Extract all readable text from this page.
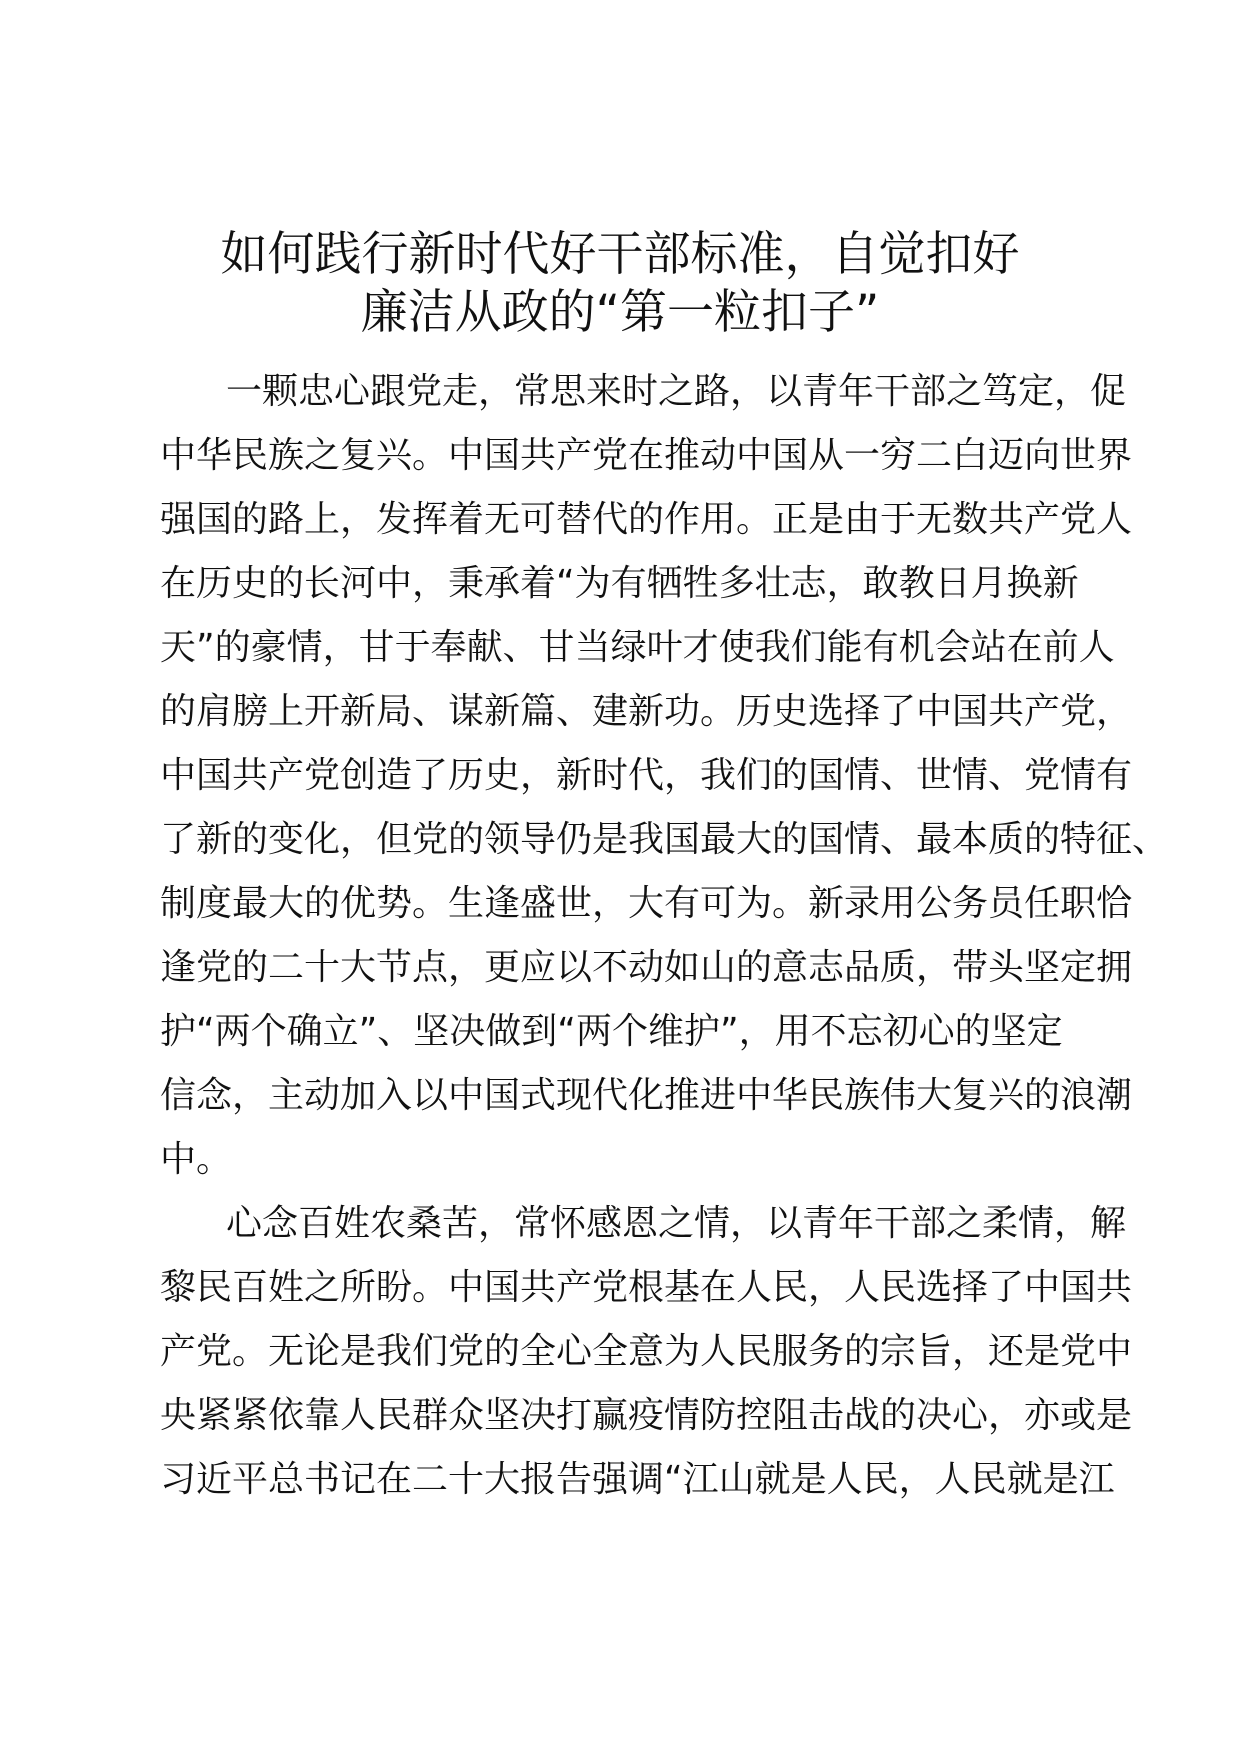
如何践行新时代好干部标准，自觉扣好
廉洁从政的“第一粒扣子”
一颗忠心跟党走，常思来时之路，以青年干部之笃定，促
中华民族之复兴。中国共产党在推动中国从一穷二白迈向世界
强国的路上，发挥着无可替代的作用。正是由于无数共产党人
在历史的长河中，秉承着“为有牺牲多壮志，敢教日月换新
天”的豪情，甘于奉献、甘当绿叶才使我们能有机会站在前人
的肩膀上开新局、谋新篇、建新功。历史选择了中国共产党，
中国共产党创造了历史，新时代，我们的国情、世情、党情有
了新的变化，但党的领导仍是我国最大的国情、最本质的特征、
制度最大的优势。生逢盛世，大有可为。新录用公务员任职恰
逢党的二十大节点，更应以不动如山的意志品质，带头坚定拥
护“两个确立”、坚决做到“两个维护”，用不忘初心的坚定
信念，主动加入以中国式现代化推进中华民族伟大复兴的浪潮
中。
心念百姓农桑苦，常怀感恩之情，以青年干部之柔情，解
黎民百姓之所盼。中国共产党根基在人民，人民选择了中国共
产党。无论是我们党的全心全意为人民服务的宗旨，还是党中
央紧紧依靠人民群众坚决打赢疫情防控阻击战的决心，亦或是
习近平总书记在二十大报告强调“江山就是人民，人民就是江
